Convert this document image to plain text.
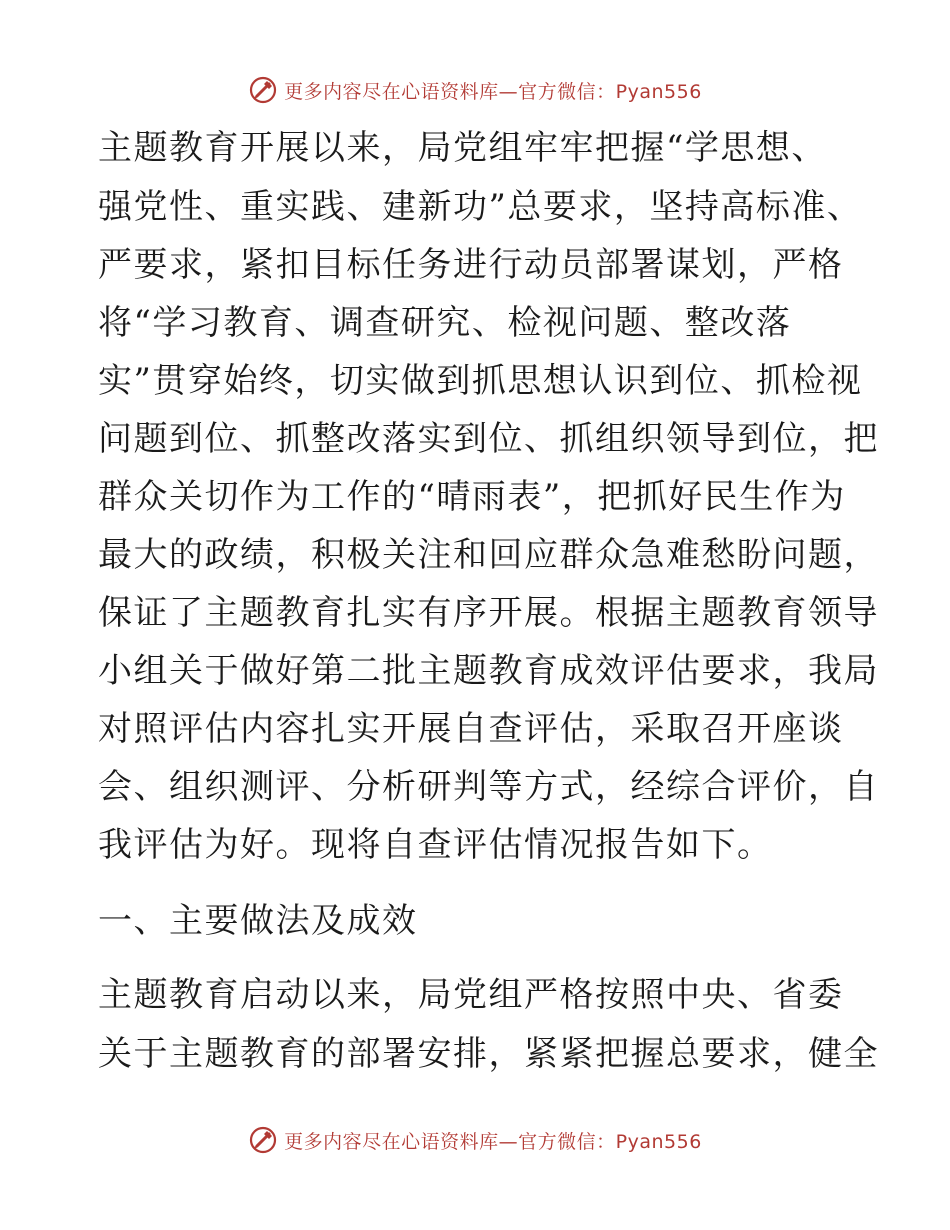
更多内容尽在心语资料库—官方微信：Pyan556
主题教育开展以来，局党组牢牢把握“学思想、
强党性、重实践、建新功”总要求，坚持高标准、
严要求，紧扣目标任务进行动员部署谋划，严格
将“学习教育、调查研究、检视问题、整改落
实”贯穿始终，切实做到抓思想认识到位、抓检视
问题到位、抓整改落实到位、抓组织领导到位，把
群众关切作为工作的“晴雨表”，把抓好民生作为
最大的政绩，积极关注和回应群众急难愁盼问题，
保证了主题教育扎实有序开展。根据主题教育领导
小组关于做好第二批主题教育成效评估要求，我局
对照评估内容扎实开展自查评估，采取召开座谈
会、组织测评、分析研判等方式，经综合评价，自
我评估为好。现将自查评估情况报告如下。
一、主要做法及成效
主题教育启动以来，局党组严格按照中央、省委
关于主题教育的部署安排，紧紧把握总要求，健全
更多内容尽在心语资料库—官方微信：Pyan556
